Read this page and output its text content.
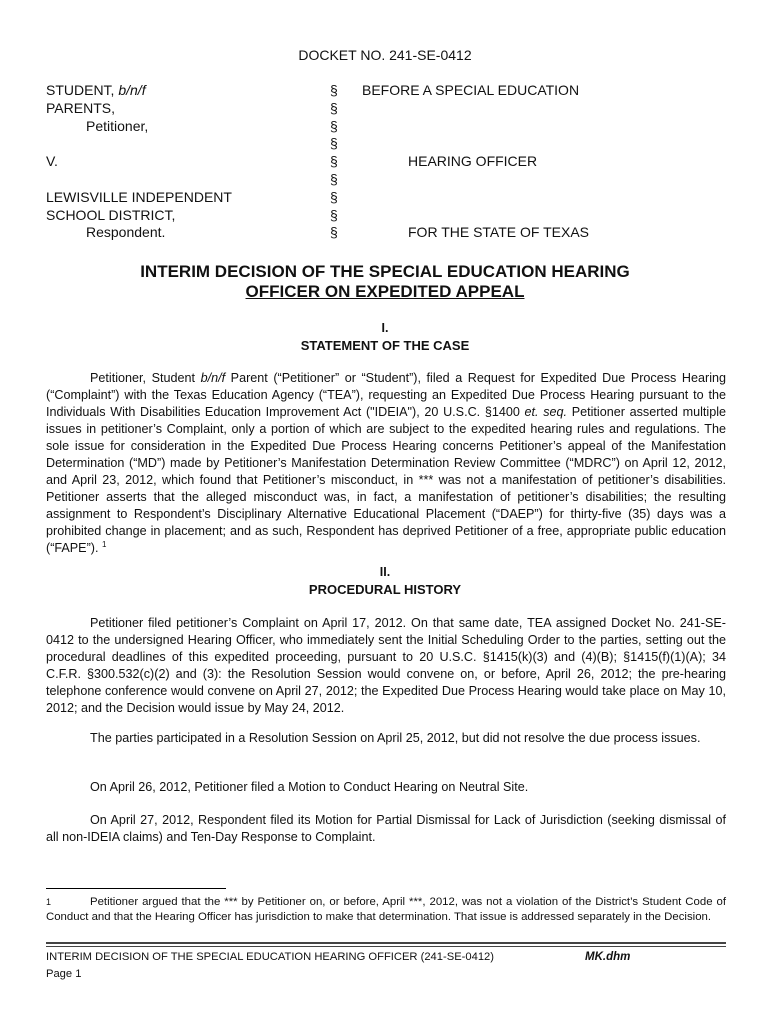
DOCKET NO. 241-SE-0412
STUDENT, b/n/f
PARENTS,
Petitioner,
V.
LEWISVILLE INDEPENDENT
SCHOOL DISTRICT,
Respondent.
§
§
§
§
§
§
§
§
§
BEFORE A SPECIAL EDUCATION
HEARING OFFICER
FOR THE STATE OF TEXAS
INTERIM DECISION OF THE SPECIAL EDUCATION HEARING
OFFICER ON EXPEDITED APPEAL
I.
STATEMENT OF THE CASE
Petitioner, Student b/n/f Parent (“Petitioner” or “Student”), filed a Request for Expedited Due Process Hearing (“Complaint”) with the Texas Education Agency (“TEA”), requesting an Expedited Due Process Hearing pursuant to the Individuals With Disabilities Education Improvement Act ("IDEIA"), 20 U.S.C. §1400 et. seq. Petitioner asserted multiple issues in petitioner’s Complaint, only a portion of which are subject to the expedited hearing rules and regulations. The sole issue for consideration in the Expedited Due Process Hearing concerns Petitioner’s appeal of the Manifestation Determination (“MD”) made by Petitioner’s Manifestation Determination Review Committee (“MDRC”) on April 12, 2012, and April 23, 2012, which found that Petitioner’s misconduct, in *** was not a manifestation of petitioner’s disabilities. Petitioner asserts that the alleged misconduct was, in fact, a manifestation of petitioner’s disabilities; the resulting assignment to Respondent’s Disciplinary Alternative Educational Placement (“DAEP”) for thirty-five (35) days was a prohibited change in placement; and as such, Respondent has deprived Petitioner of a free, appropriate public education (“FAPE”). $^1$
II.
PROCEDURAL HISTORY
Petitioner filed petitioner’s Complaint on April 17, 2012. On that same date, TEA assigned Docket No. 241-SE-0412 to the undersigned Hearing Officer, who immediately sent the Initial Scheduling Order to the parties, setting out the procedural deadlines of this expedited proceeding, pursuant to 20 U.S.C. §1415(k)(3) and (4)(B); §1415(f)(1)(A); 34 C.F.R. §300.532(c)(2) and (3): the Resolution Session would convene on, or before, April 26, 2012; the pre-hearing telephone conference would convene on April 27, 2012; the Expedited Due Process Hearing would take place on May 10, 2012; and the Decision would issue by May 24, 2012.
The parties participated in a Resolution Session on April 25, 2012, but did not resolve the due process issues.
On April 26, 2012, Petitioner filed a Motion to Conduct Hearing on Neutral Site.
On April 27, 2012, Respondent filed its Motion for Partial Dismissal for Lack of Jurisdiction (seeking dismissal of all non-IDEIA claims) and Ten-Day Response to Complaint.
1	Petitioner argued that the *** by Petitioner on, or before, April ***, 2012, was not a violation of the District’s Student Code of Conduct and that the Hearing Officer has jurisdiction to make that determination. That issue is addressed separately in the Decision.
INTERIM DECISION OF THE SPECIAL EDUCATION HEARING OFFICER (241-SE-0412)	MK.dhm
Page 1
